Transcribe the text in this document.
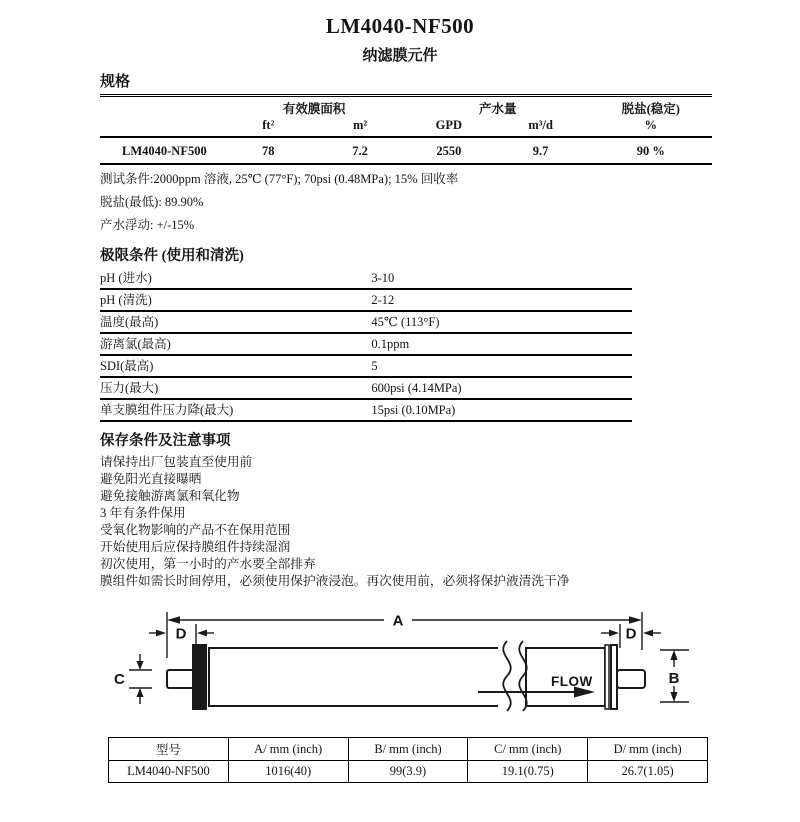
LM4040-NF500
纳滤膜元件
规格
有效膜面积	产水量	脱盐(稳定)
ft²	m²	GPD	m³/d	%
LM4040-NF500	78	7.2	2550	9.7	90 %

测试条件:2000ppm 溶液, 25℃ (77°F); 70psi (0.48MPa); 15% 回收率

脱盐(最低): 89.90%

产水浮动: +/-15%

极限条件 (使用和清洗)
pH (进水)	3-10
pH (清洗)	2-12
温度(最高)	45℃ (113°F)
游离氯(最高)	0.1ppm
SDI(最高)	5
压力(最大)	600psi (4.14MPa)
单支膜组件压力降(最大)	15psi (0.10MPa)
保存条件及注意事项

请保持出厂包装直至使用前

避免阳光直接曝晒

避免接触游离氯和氧化物

3 年有条件保用

受氧化物影响的产品不在保用范围

开始使用后应保持膜组件持续湿润

初次使用，第一小时的产水要全部排弃

膜组件如需长时间停用，必须使用保护液浸泡。再次使用前，必须将保护液清洗干净

A
D	D
C	B
FLOW
型号	A/ mm (inch)	B/ mm (inch)	C/ mm (inch)	D/ mm (inch)
LM4040-NF500	1016(40)	99(3.9)	19.1(0.75)	26.7(1.05)
